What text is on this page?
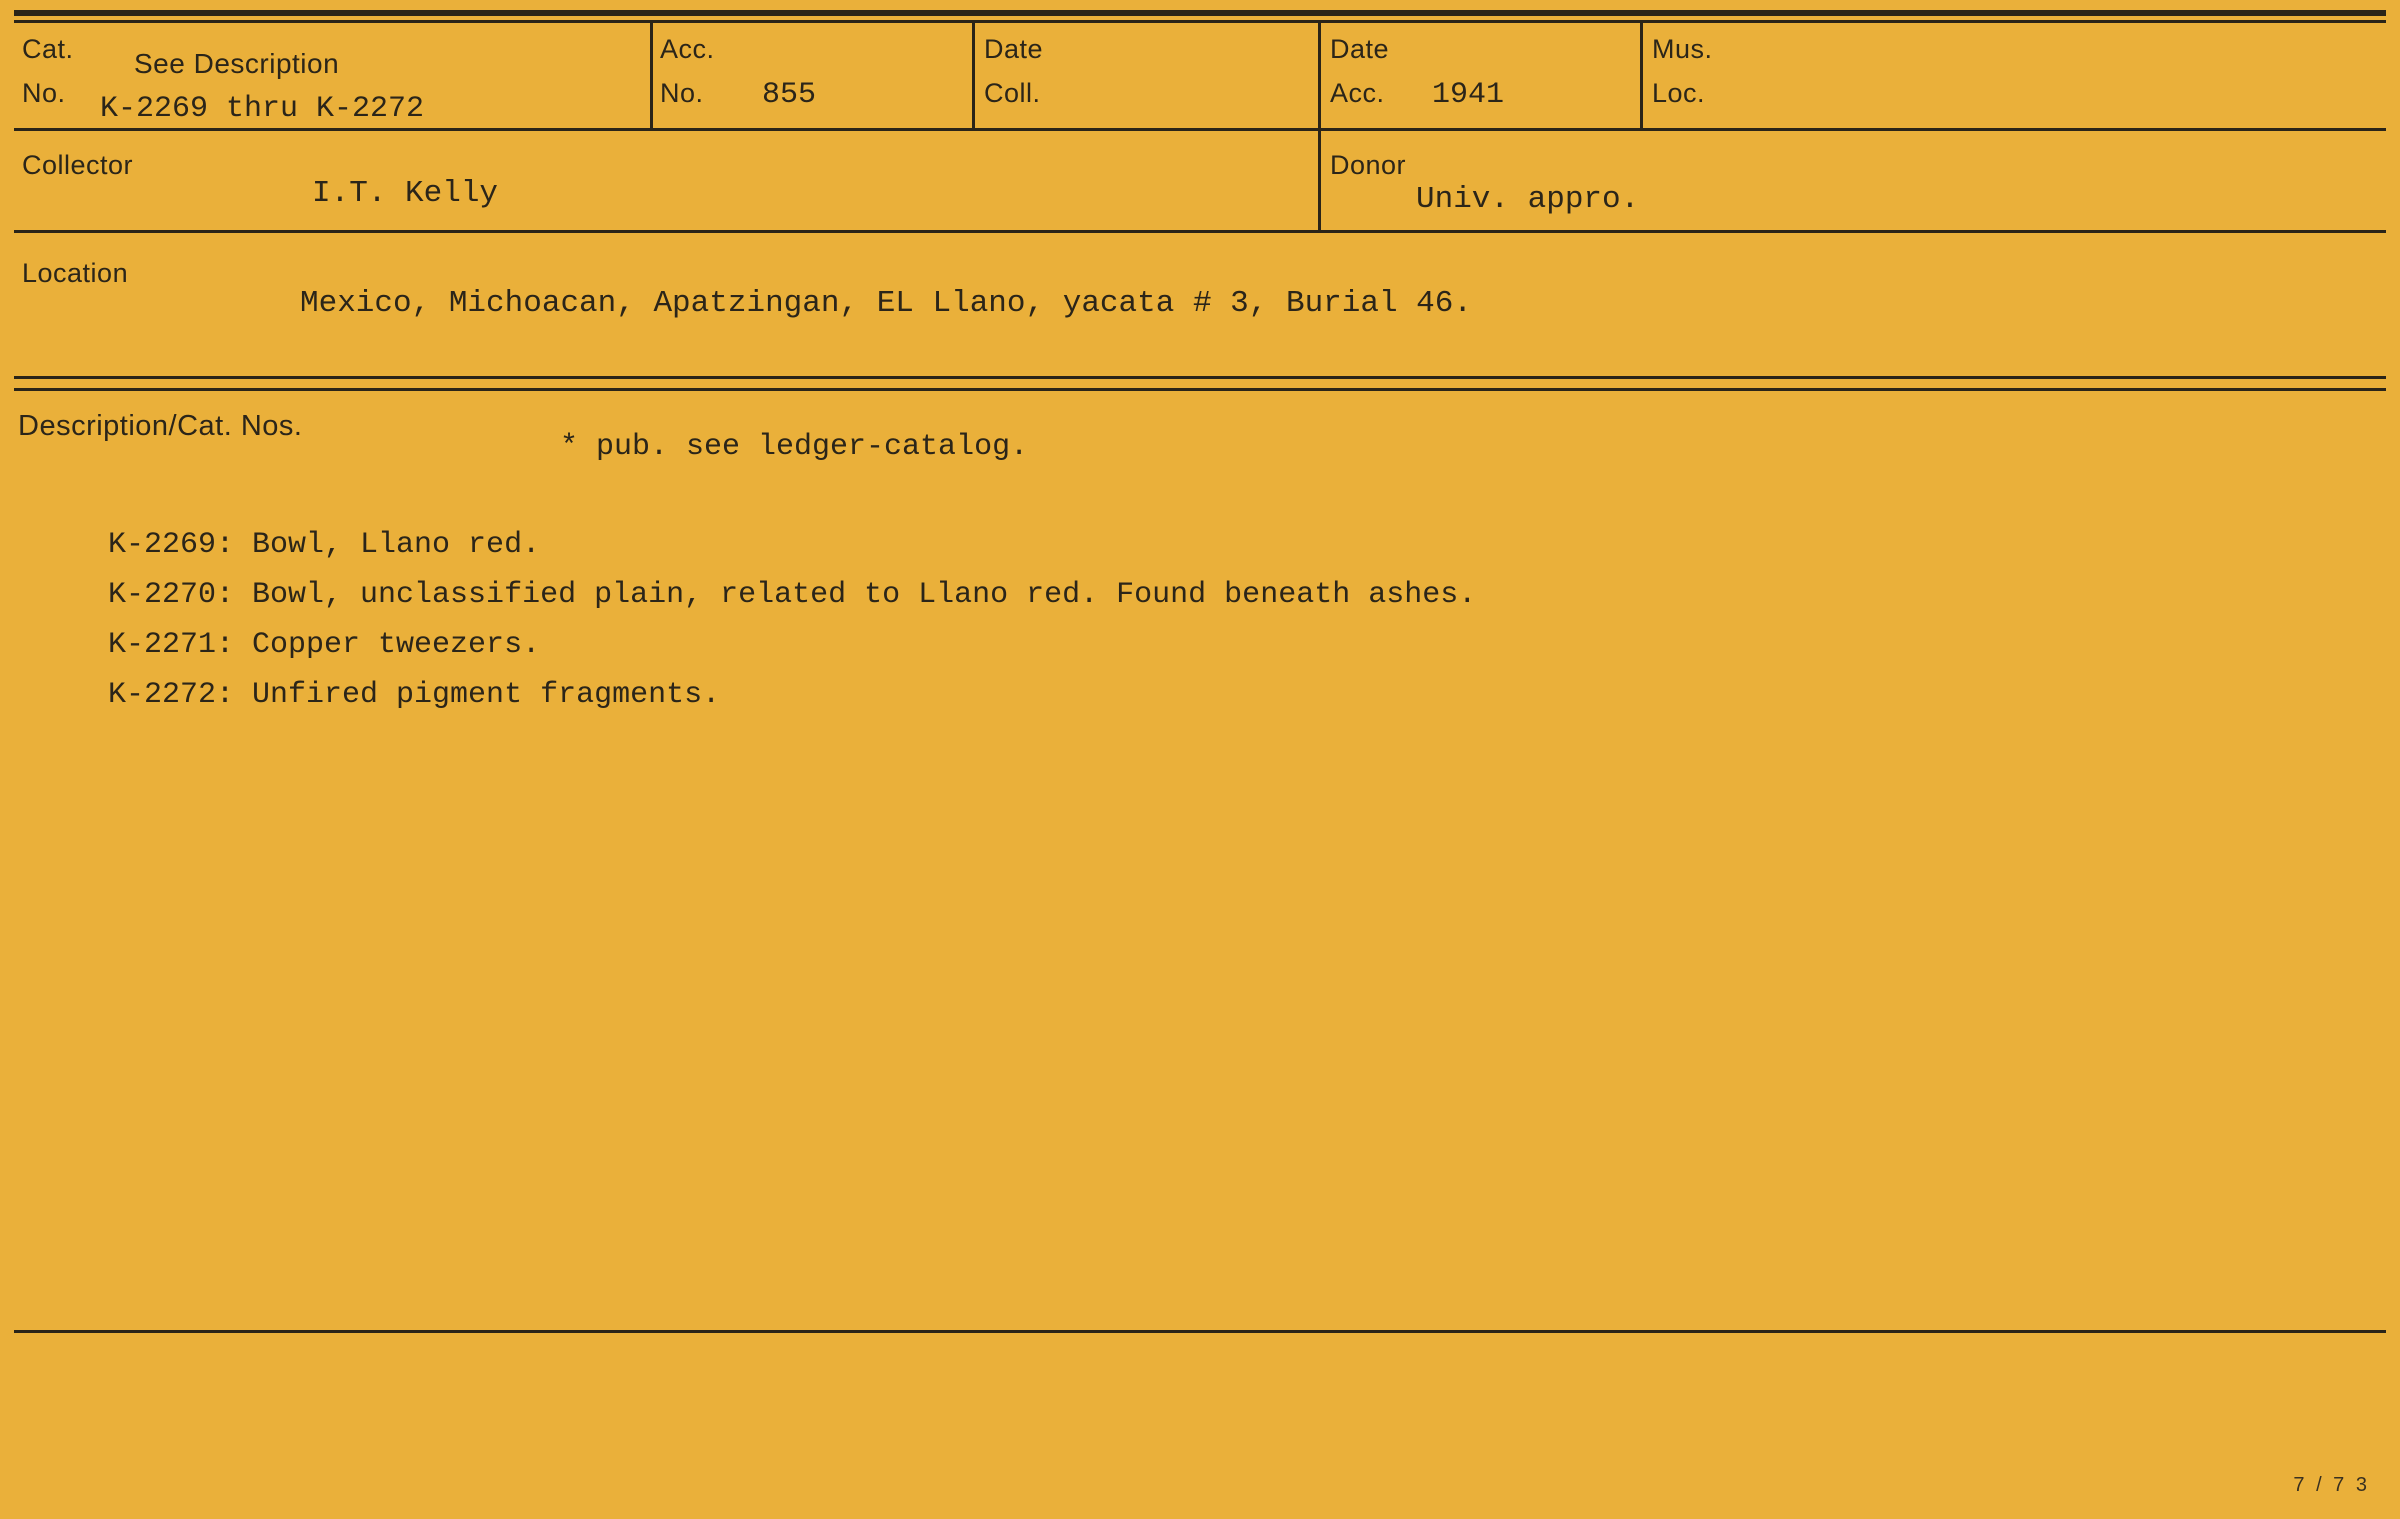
Cat.
No.
See Description
K-2269 thru K-2272
Acc.
No. 855
Date
Coll.
Date
Acc. 1941
Mus.
Loc.
Collector
I.T. Kelly
Donor
Univ. appro.
Location
Mexico, Michoacan, Apatzingan, EL Llano, yacata # 3, Burial 46.
Description/Cat. Nos.
* pub. see ledger-catalog.
K-2269: Bowl, Llano red.
K-2270: Bowl, unclassified plain, related to Llano red. Found beneath ashes.
K-2271: Copper tweezers.
K-2272: Unfired pigment fragments.
7 / 7 3
